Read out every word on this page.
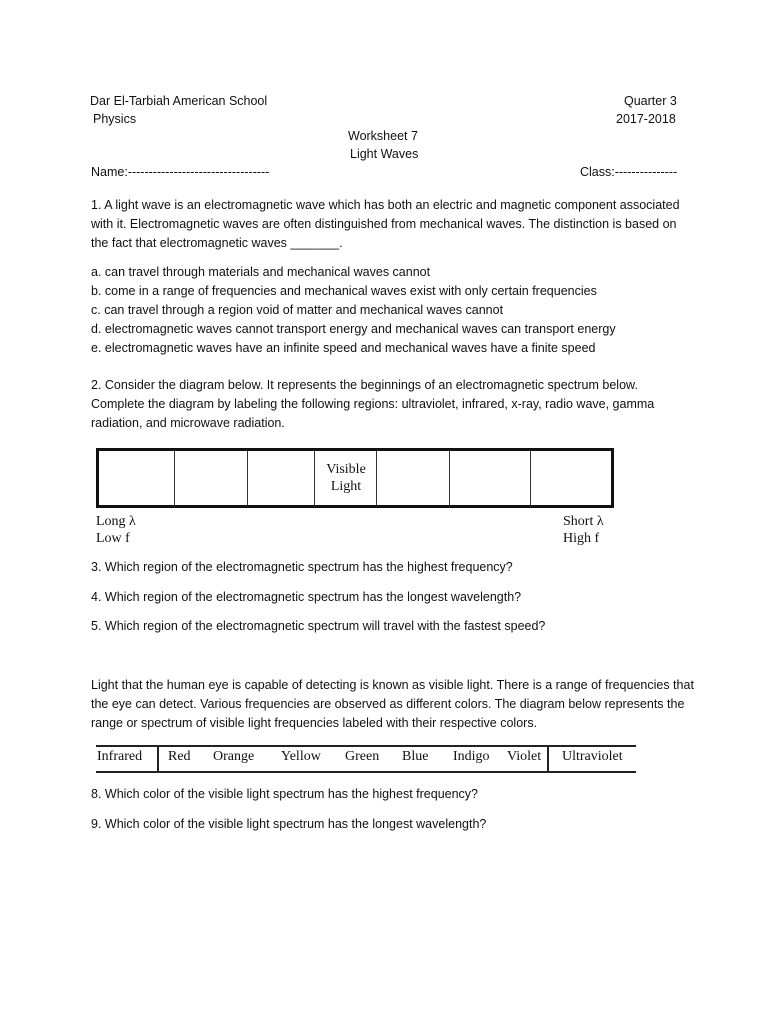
Dar El-Tarbiah American School	Quarter 3
Physics	2017-2018
Worksheet 7
Light Waves
Name:----------------------------------	Class:---------------
1. A light wave is an electromagnetic wave which has both an electric and magnetic component associated with it. Electromagnetic waves are often distinguished from mechanical waves. The distinction is based on the fact that electromagnetic waves _______.
a. can travel through materials and mechanical waves cannot
b. come in a range of frequencies and mechanical waves exist with only certain frequencies
c. can travel through a region void of matter and mechanical waves cannot
d. electromagnetic waves cannot transport energy and mechanical waves can transport energy
e. electromagnetic waves have an infinite speed and mechanical waves have a finite speed
2. Consider the diagram below. It represents the beginnings of an electromagnetic spectrum below. Complete the diagram by labeling the following regions: ultraviolet, infrared, x-ray, radio wave, gamma radiation, and microwave radiation.
Visible
Light
Long λ
Low f
Short λ
High f
3. Which region of the electromagnetic spectrum has the highest frequency?
4. Which region of the electromagnetic spectrum has the longest wavelength?
5. Which region of the electromagnetic spectrum will travel with the fastest speed?
Light that the human eye is capable of detecting is known as visible light. There is a range of frequencies that the eye can detect. Various frequencies are observed as different colors. The diagram below represents the range or spectrum of visible light frequencies labeled with their respective colors.
Infrared Red Orange Yellow Green Blue Indigo Violet Ultraviolet
8. Which color of the visible light spectrum has the highest frequency?
9. Which color of the visible light spectrum has the longest wavelength?
